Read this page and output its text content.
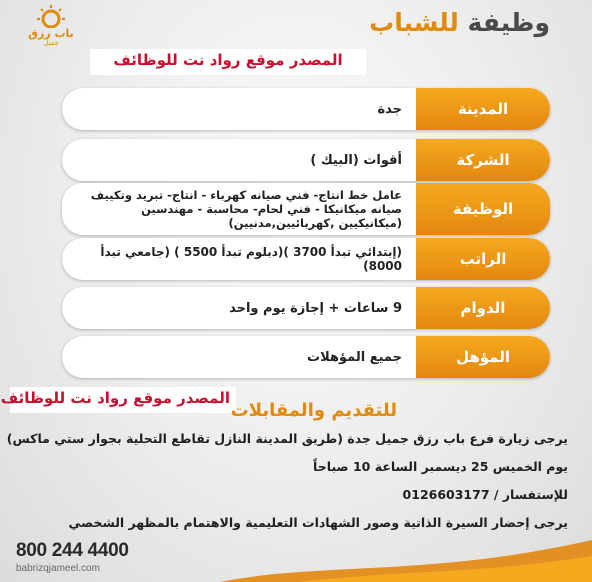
باب رزق
جميل
وظيفة للشباب
المصدر موقع رواد نت للوظائف
المدينة
جدة
الشركة
أقوات (البيك )
الوظيفة
عامل خط انتاج- فني صيانه كهرباء - انتاج- تبريد وتكييف
صيانه ميكانيكا - فني لحام- محاسبة - مهندسين
(ميكانيكيين ,كهربائيين,مدنيين)
الراتب
(إبتدائي تبدأ 3700 )(دبلوم تبدأ 5500 ) (جامعي تبدأ 8000)
الدوام
9 ساعات + إجازة يوم واحد
المؤهل
جميع المؤهلات
المصدر موقع رواد نت للوظائف
للتقديم والمقابلات
يرجى زيارة فرع باب رزق جميل جدة (طريق المدينة النازل تقاطع التحلية بجوار ستي ماكس)
يوم الخميس 25 ديسمبر الساعة 10 صباحاً
للإستفسار / 0126603177
يرجى إحضار السيرة الذاتية وصور الشهادات التعليمية والاهتمام بالمظهر الشخصي
800 244 4400
babrizqjameel.com
